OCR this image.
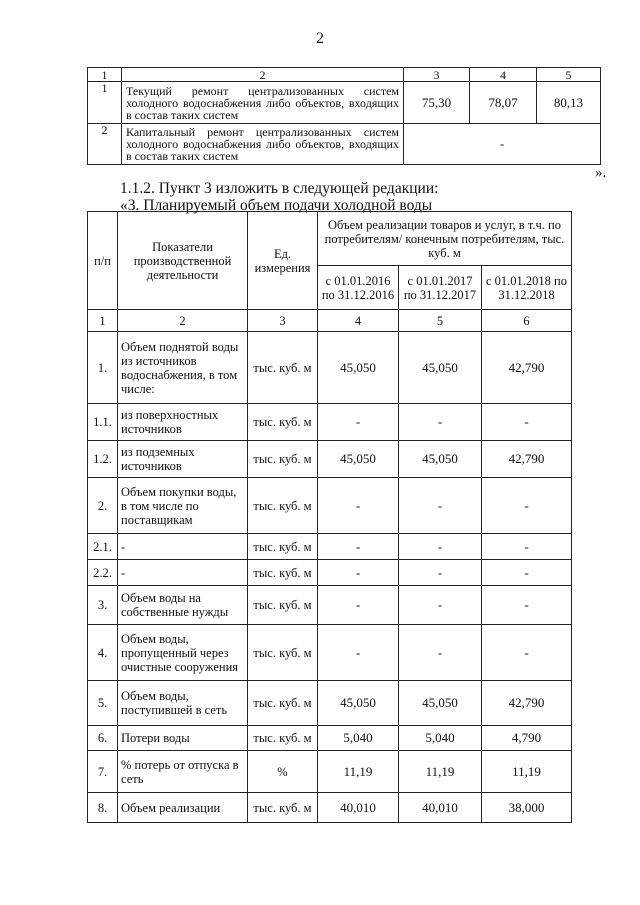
2
1	2	3	4	5
1	Текущий ремонт централизованных систем холодного водоснабжения либо объектов, входящих в состав таких систем	75,30	78,07	80,13
2	Капитальный ремонт централизованных систем холодного водоснабжения либо объектов, входящих в состав таких систем	-		
».
1.1.2. Пункт 3 изложить в следующей редакции:
«3. Планируемый объем подачи холодной воды
п/п	Показатели производственной деятельности	Ед. измерения	Объем реализации товаров и услуг, в т.ч. по потребителям/ конечным потребителям, тыс. куб. м		
			с 01.01.2016 по 31.12.2016	с 01.01.2017 по 31.12.2017	с 01.01.2018 по 31.12.2018
1	2	3	4	5	6
1.	Объем поднятой воды из источников водоснабжения, в том числе:	тыс. куб. м	45,050	45,050	42,790
1.1.	из поверхностных источников	тыс. куб. м	-	-	-
1.2.	из подземных источников	тыс. куб. м	45,050	45,050	42,790
2.	Объем покупки воды, в том числе по поставщикам	тыс. куб. м	-	-	-
2.1.	-	тыс. куб. м	-	-	-
2.2.	-	тыс. куб. м	-	-	-
3.	Объем воды на собственные нужды	тыс. куб. м	-	-	-
4.	Объем воды, пропущенный через очистные сооружения	тыс. куб. м	-	-	-
5.	Объем воды, поступившей в сеть	тыс. куб. м	45,050	45,050	42,790
6.	Потери воды	тыс. куб. м	5,040	5,040	4,790
7.	% потерь от отпуска в сеть	%	11,19	11,19	11,19
8.	Объем реализации	тыс. куб. м	40,010	40,010	38,000
